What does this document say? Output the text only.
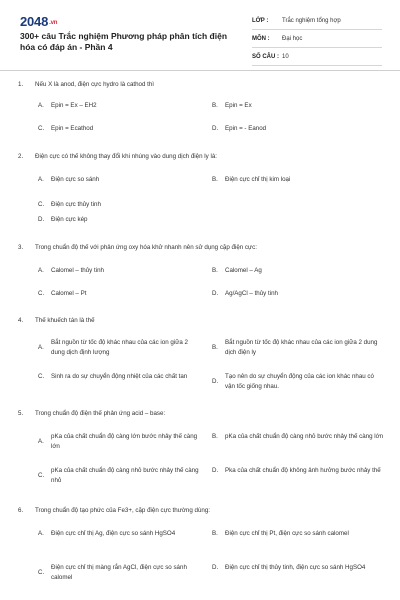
2048.vn
300+ câu Trắc nghiệm Phương pháp phân tích điện hóa có đáp án - Phần 4
LỚP :	Trắc nghiệm tổng hợp
MÔN :	Đại học
SỐ CÂU : 10
1. Nếu X là anod, điện cực hydro là cathod thì
A.	Epin = Ex – EH2	B.	Epin = Ex
C.	Epin = Ecathod	D.	Epin = - Eanod
2. Điện cực có thế không thay đổi khi nhúng vào dung dịch điện ly là:
A.	Điện cực so sánh	B.	Điện cực chỉ thị kim loại
C.	Điện cực thủy tinh
D.	Điện cực kép
3. Trong chuẩn độ thế với phản ứng oxy hóa khử nhanh nên sử dụng cặp điện cực:
A.	Calomel – thủy tinh	B.	Calomel – Ag
C.	Calomel – Pt	D.	Ag/AgCl – thủy tinh
4. Thế khuếch tán là thế
A.
Bắt nguồn từ tốc độ khác nhau của các ion giữa 2 dung dịch định lượng
B.
Bắt nguồn từ tốc độ khác nhau của các ion giữa 2 dung dịch điện ly
C.	Sinh ra do sự chuyển động nhiệt của các chất tan
D.
Tạo nên do sự chuyển động của các ion khác nhau có vận tốc giống nhau.
5. Trong chuẩn độ điện thế phản ứng acid – base:
A.
pKa của chất chuẩn độ càng lớn bước nhảy thế càng lớn
B.	pKa của chất chuẩn độ càng nhỏ bước nhảy thế càng lớn
C.
pKa của chất chuẩn độ càng nhỏ bước nhảy thế càng nhỏ
D.	Pka của chất chuẩn độ không ảnh hưởng bước nhảy thế
6. Trong chuẩn độ tạo phức của Fe3+, cặp điện cực thường dùng:
A.	Điện cực chỉ thị Ag, điện cực so sánh HgSO4	B.	Điện cực chỉ thị Pt, điện cực so sánh calomel
C.
Điện cực chỉ thị màng rắn AgCl, điện cực so sánh calomel
D.	Điện cực chỉ thị thủy tinh, điện cực so sánh HgSO4
